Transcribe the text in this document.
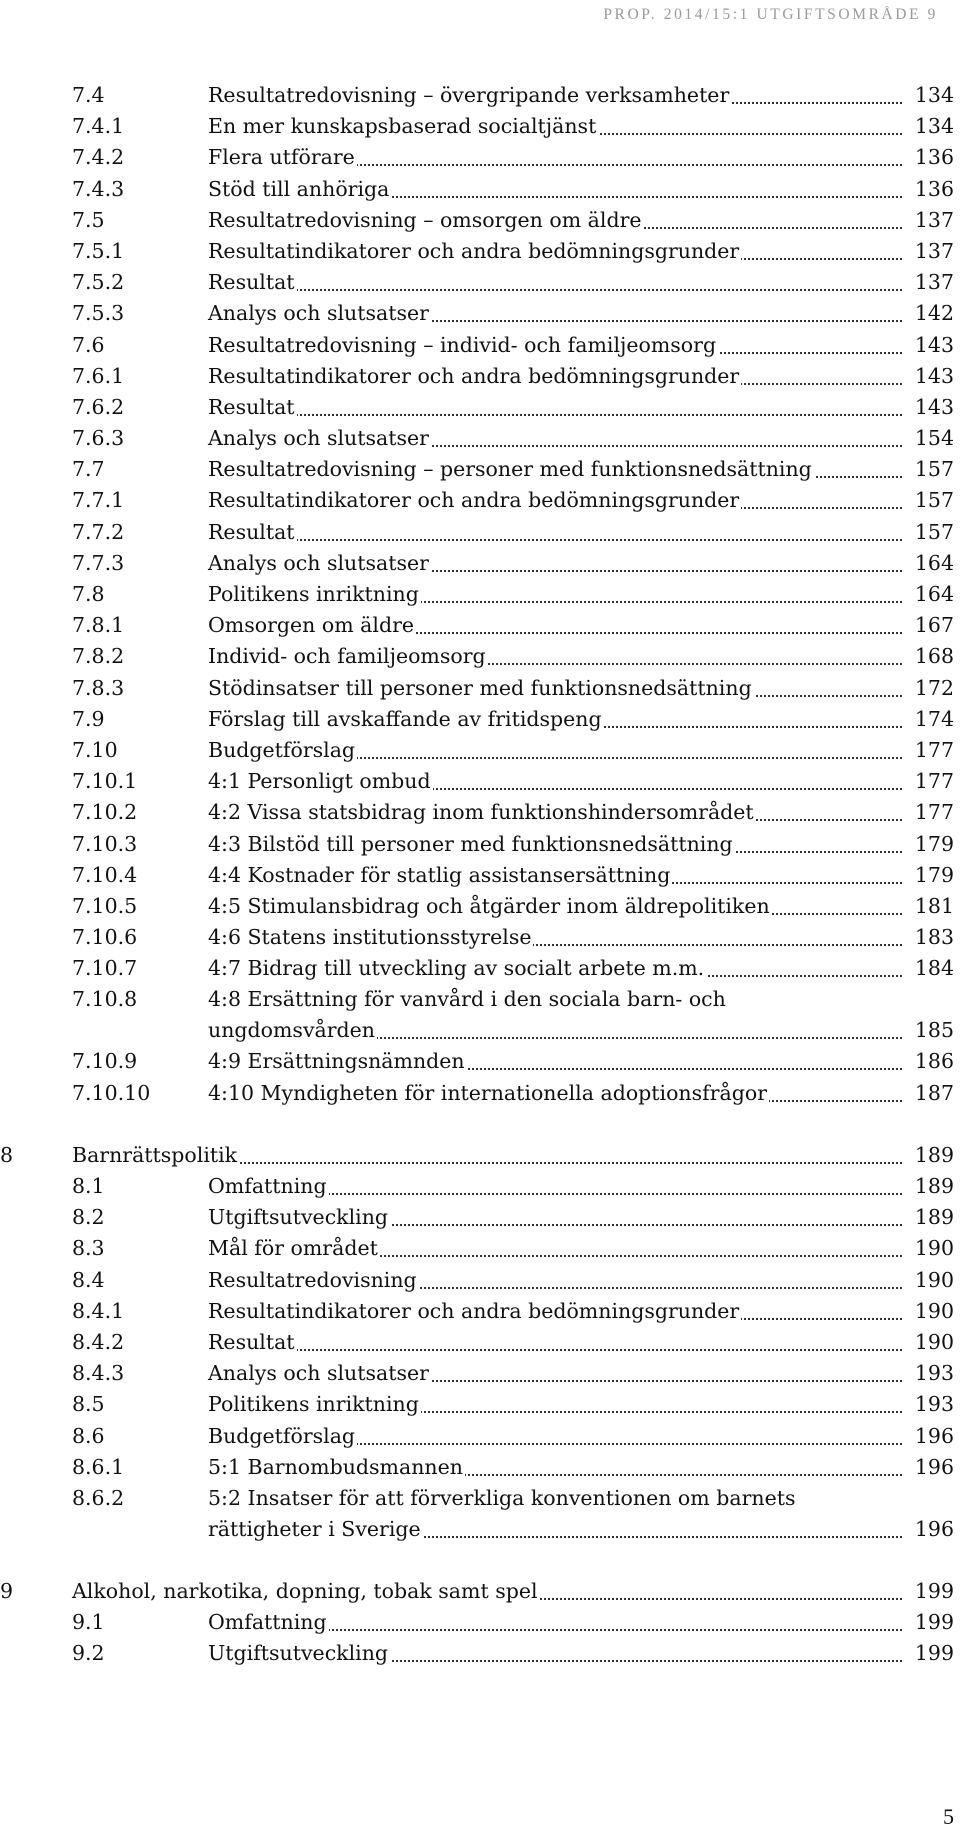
PROP. 2014/15:1 UTGIFTSOMRÅDE 9
7.4	Resultatredovisning – övergripande verksamheter	134
7.4.1	En mer kunskapsbaserad socialtjänst	134
7.4.2	Flera utförare	136
7.4.3	Stöd till anhöriga	136
7.5	Resultatredovisning – omsorgen om äldre	137
7.5.1	Resultatindikatorer och andra bedömningsgrunder	137
7.5.2	Resultat	137
7.5.3	Analys och slutsatser	142
7.6	Resultatredovisning – individ- och familjeomsorg	143
7.6.1	Resultatindikatorer och andra bedömningsgrunder	143
7.6.2	Resultat	143
7.6.3	Analys och slutsatser	154
7.7	Resultatredovisning – personer med funktionsnedsättning	157
7.7.1	Resultatindikatorer och andra bedömningsgrunder	157
7.7.2	Resultat	157
7.7.3	Analys och slutsatser	164
7.8	Politikens inriktning	164
7.8.1	Omsorgen om äldre	167
7.8.2	Individ- och familjeomsorg	168
7.8.3	Stödinsatser till personer med funktionsnedsättning	172
7.9	Förslag till avskaffande av fritidspeng	174
7.10	Budgetförslag	177
7.10.1	4:1 Personligt ombud	177
7.10.2	4:2 Vissa statsbidrag inom funktionshindersområdet	177
7.10.3	4:3 Bilstöd till personer med funktionsnedsättning	179
7.10.4	4:4 Kostnader för statlig assistansersättning	179
7.10.5	4:5 Stimulansbidrag och åtgärder inom äldrepolitiken	181
7.10.6	4:6 Statens institutionsstyrelse	183
7.10.7	4:7 Bidrag till utveckling av socialt arbete m.m.	184
7.10.8	4:8 Ersättning för vanvård i den sociala barn- och
ungdomsvården	185
7.10.9	4:9 Ersättningsnämnden	186
7.10.10	4:10 Myndigheten för internationella adoptionsfrågor	187
8	Barnrättspolitik	189
8.1	Omfattning	189
8.2	Utgiftsutveckling	189
8.3	Mål för området	190
8.4	Resultatredovisning	190
8.4.1	Resultatindikatorer och andra bedömningsgrunder	190
8.4.2	Resultat	190
8.4.3	Analys och slutsatser	193
8.5	Politikens inriktning	193
8.6	Budgetförslag	196
8.6.1	5:1 Barnombudsmannen	196
8.6.2	5:2 Insatser för att förverkliga konventionen om barnets
rättigheter i Sverige	196
9	Alkohol, narkotika, dopning, tobak samt spel	199
9.1	Omfattning	199
9.2	Utgiftsutveckling	199
5
